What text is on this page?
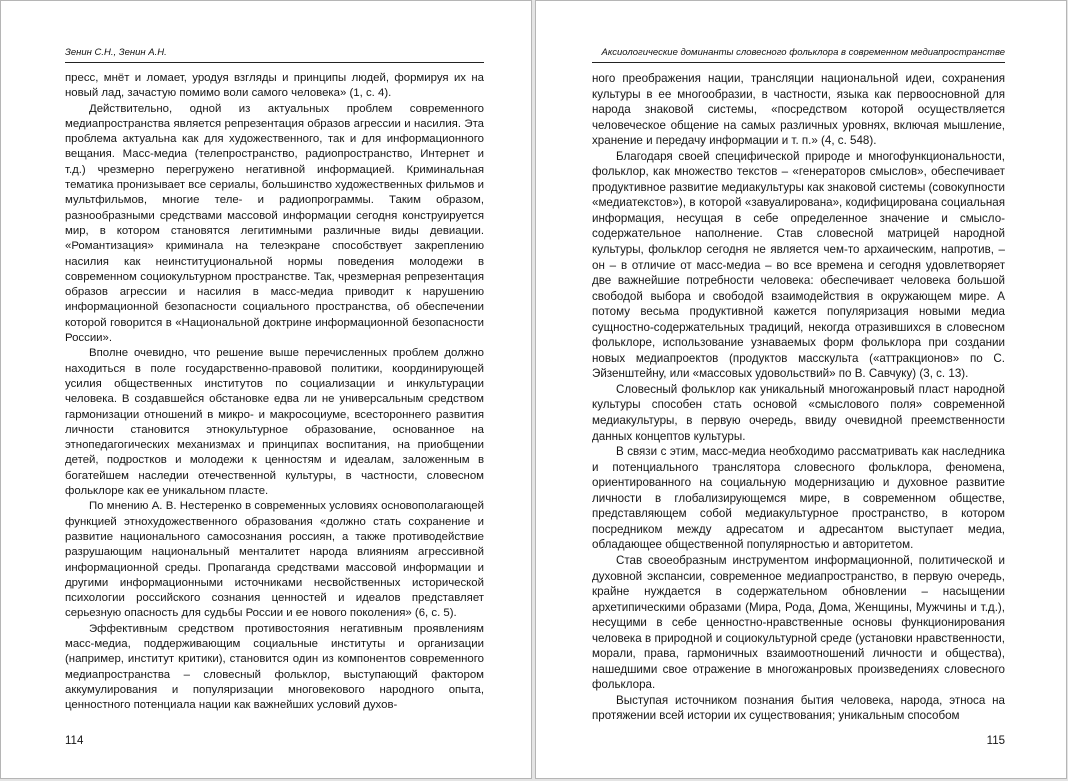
Зенин С.Н., Зенин А.Н.

пресс, мнёт и ломает, уродуя взгляды и принципы людей, формируя их на новый лад, зачастую помимо воли самого человека» (1, с. 4).

Действительно, одной из актуальных проблем современного медиапространства является репрезентация образов агрессии и насилия. Эта проблема актуальна как для художественного, так и для информационного вещания. Масс-медиа (телепространство, радиопространство, Интернет и т.д.) чрезмерно перегружено негативной информацией. Криминальная тематика пронизывает все сериалы, большинство художественных фильмов и мультфильмов, многие теле- и радиопрограммы. Таким образом, разнообразными средствами массовой информации сегодня конструируется мир, в котором становятся легитимными различные виды девиации. «Романтизация» криминала на телеэкране способствует закреплению насилия как неинституциональной нормы поведения молодежи в современном социокультурном пространстве. Так, чрезмерная репрезентация образов агрессии и насилия в масс-медиа приводит к нарушению информационной безопасности социального пространства, об обеспечении которой говорится в «Национальной доктрине информационной безопасности России».

Вполне очевидно, что решение выше перечисленных проблем должно находиться в поле государственно-правовой политики, координирующей усилия общественных институтов по социализации и инкультурации человека. В создавшейся обстановке едва ли не универсальным средством гармонизации отношений в микро- и макросоциуме, всестороннего развития личности становится этнокультурное образование, основанное на этнопедагогических механизмах и принципах воспитания, на приобщении детей, подростков и молодежи к ценностям и идеалам, заложенным в богатейшем наследии отечественной культуры, в частности, словесном фольклоре как ее уникальном пласте.

По мнению А. В. Нестеренко в современных условиях основополагающей функцией этнохудожественного образования «должно стать сохранение и развитие национального самосознания россиян, а также противодействие разрушающим национальный менталитет народа влияниям агрессивной информационной среды. Пропаганда средствами массовой информации и другими информационными источниками несвойственных исторической психологии российского сознания ценностей и идеалов представляет серьезную опасность для судьбы России и ее нового поколения» (6, с. 5).

Эффективным средством противостояния негативным проявлениям масс-медиа, поддерживающим социальные институты и организации (например, институт критики), становится один из компонентов современного медиапространства – словесный фольклор, выступающий фактором аккумулирования и популяризации многовекового народного опыта, ценностного потенциала нации как важнейших условий духов-

114
Аксиологические доминанты словесного фольклора в современном медиапространстве

ного преображения нации, трансляции национальной идеи, сохранения культуры в ее многообразии, в частности, языка как первоосновной для народа знаковой системы, «посредством которой осуществляется человеческое общение на самых различных уровнях, включая мышление, хранение и передачу информации и т. п.» (4, с. 548).

Благодаря своей специфической природе и многофункциональности, фольклор, как множество текстов – «генераторов смыслов», обеспечивает продуктивное развитие медиакультуры как знаковой системы (совокупности «медиатекстов»), в которой «завуалирована», кодифицирована социальная информация, несущая в себе определенное значение и смысло-содержательное наполнение. Став словесной матрицей народной культуры, фольклор сегодня не является чем-то архаическим, напротив, – он – в отличие от масс-медиа – во все времена и сегодня удовлетворяет две важнейшие потребности человека: обеспечивает человека большой свободой выбора и свободой взаимодействия в окружающем мире. А потому весьма продуктивной кажется популяризация новыми медиа сущностно-содержательных традиций, некогда отразившихся в словесном фольклоре, использование узнаваемых форм фольклора при создании новых медиапроектов (продуктов масскульта («аттракционов» по С. Эйзенштейну, или «массовых удовольствий» по В. Савчуку) (3, с. 13).

Словесный фольклор как уникальный многожанровый пласт народной культуры способен стать основой «смыслового поля» современной медиакультуры, в первую очередь, ввиду очевидной преемственности данных концептов культуры.

В связи с этим, масс-медиа необходимо рассматривать как наследника и потенциального транслятора словесного фольклора, феномена, ориентированного на социальную модернизацию и духовное развитие личности в глобализирующемся мире, в современном обществе, представляющем собой медиакультурное пространство, в котором посредником между адресатом и адресантом выступает медиа, обладающее общественной популярностью и авторитетом.

Став своеобразным инструментом информационной, политической и духовной экспансии, современное медиапространство, в первую очередь, крайне нуждается в содержательном обновлении – насыщении архетипическими образами (Мира, Рода, Дома, Женщины, Мужчины и т.д.), несущими в себе ценностно-нравственные основы функционирования человека в природной и социокультурной среде (установки нравственности, морали, права, гармоничных взаимоотношений личности и общества), нашедшими свое отражение в многожанровых произведениях словесного фольклора.

Выступая источником познания бытия человека, народа, этноса на протяжении всей истории их существования; уникальным способом

115
